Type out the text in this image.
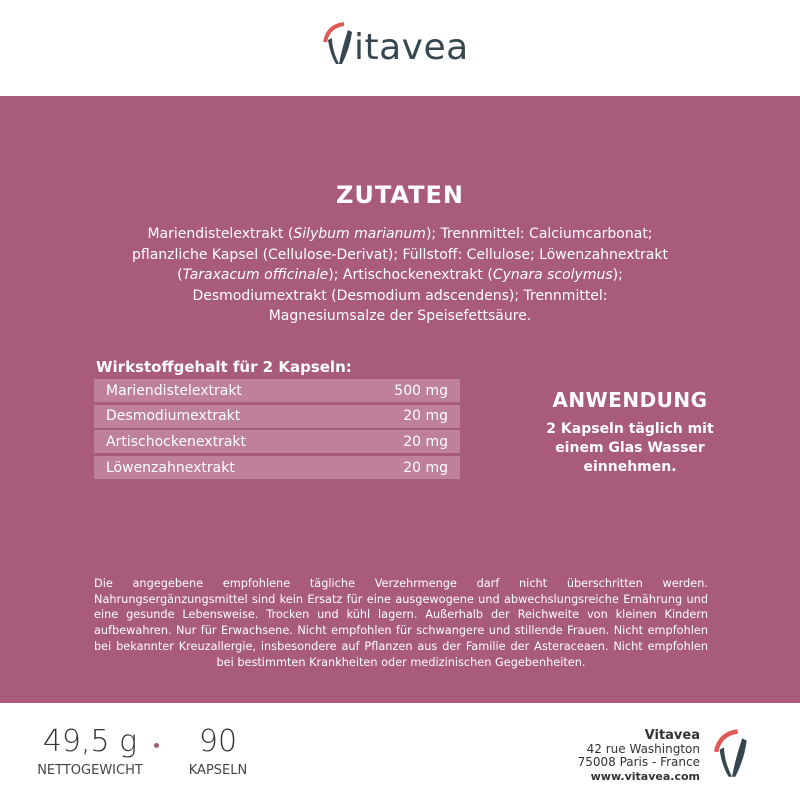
itavea
ZUTATEN
Mariendistelextrakt (Silybum marianum); Trennmittel: Calciumcarbonat;
pflanzliche Kapsel (Cellulose-Derivat); Füllstoff: Cellulose; Löwenzahnextrakt
(Taraxacum officinale); Artischockenextrakt (Cynara scolymus);
Desmodiumextrakt (Desmodium adscendens); Trennmittel:
Magnesiumsalze der Speisefettsäure.
Wirkstoffgehalt für 2 Kapseln:
Mariendistelextrakt	500 mg
Desmodiumextrakt	20 mg
Artischockenextrakt	20 mg
Löwenzahnextrakt	20 mg
ANWENDUNG

2 Kapseln täglich mit
einem Glas Wasser
einnehmen.

Die angegebene empfohlene tägliche Verzehrmenge darf nicht überschritten werden. Nahrungsergänzungsmittel sind kein Ersatz für eine ausgewogene und abwechslungsreiche Ernährung und eine gesunde Lebensweise. Trocken und kühl lagern. Außerhalb der Reichweite von kleinen Kindern aufbewahren. Nur für Erwachsene. Nicht empfohlen für schwangere und stillende Frauen. Nicht empfohlen bei bekannter Kreuzallergie, insbesondere auf Pflanzen aus der Familie der Asteraceaen. Nicht empfohlen bei bestimmten Krankheiten oder medizinischen Gegebenheiten.
49,5 g
NETTOGEWICHT
90
KAPSELN
Vitavea
42 rue Washington
75008 Paris - France
www.vitavea.com
